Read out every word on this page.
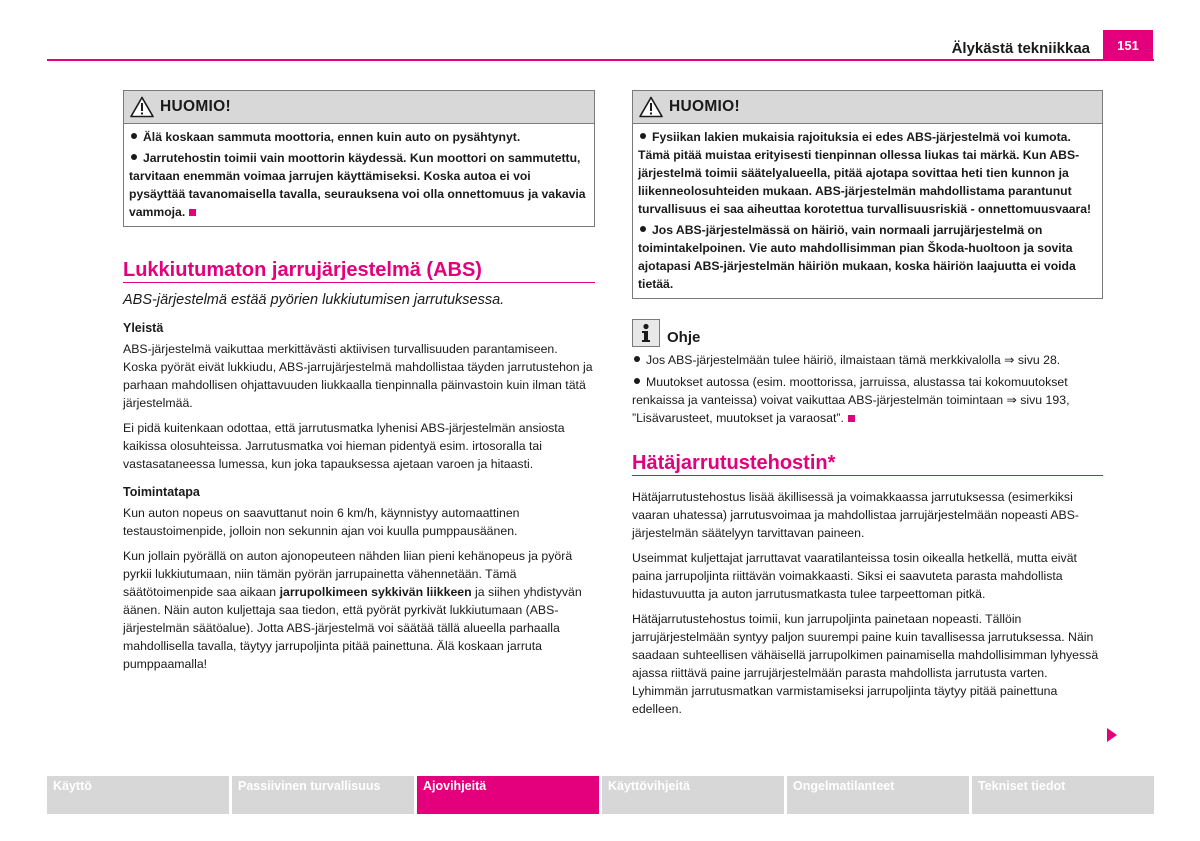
Älykästä tekniikkaa	151
HUOMIO!

Älä koskaan sammuta moottoria, ennen kuin auto on pysähtynyt.

Jarrutehostin toimii vain moottorin käydessä. Kun moottori on sammutettu, tarvitaan enemmän voimaa jarrujen käyttämiseksi. Koska autoa ei voi pysäyttää tavanomaisella tavalla, seurauksena voi olla onnettomuus ja vakavia vammoja.

Lukkiutumaton jarrujärjestelmä (ABS)
ABS-järjestelmä estää pyörien lukkiutumisen jarrutuksessa.
Yleistä

ABS-järjestelmä vaikuttaa merkittävästi aktiivisen turvallisuuden parantamiseen. Koska pyörät eivät lukkiudu, ABS-jarrujärjestelmä mahdollistaa täyden jarrutustehon ja parhaan mahdollisen ohjattavuuden liukkaalla tienpinnalla päinvastoin kuin ilman tätä järjestelmää.

Ei pidä kuitenkaan odottaa, että jarrutusmatka lyhenisi ABS-järjestelmän ansiosta kaikissa olosuhteissa. Jarrutusmatka voi hieman pidentyä esim. irtosoralla tai vastasataneessa lumessa, kun joka tapauksessa ajetaan varoen ja hitaasti.

Toimintatapa

Kun auton nopeus on saavuttanut noin 6 km/h, käynnistyy automaattinen testaustoimenpide, jolloin non sekunnin ajan voi kuulla pumppausäänen.

Kun jollain pyörällä on auton ajonopeuteen nähden liian pieni kehänopeus ja pyörä pyrkii lukkiutumaan, niin tämän pyörän jarrupainetta vähennetään. Tämä säätötoimenpide saa aikaan jarrupolkimeen sykkivän liikkeen ja siihen yhdistyvän äänen. Näin auton kuljettaja saa tiedon, että pyörät pyrkivät lukkiutumaan (ABS-järjestelmän säätöalue). Jotta ABS-järjestelmä voi säätää tällä alueella parhaalla mahdollisella tavalla, täytyy jarrupoljinta pitää painettuna. Älä koskaan jarruta pumppaamalla!

HUOMIO!

Fysiikan lakien mukaisia rajoituksia ei edes ABS-järjestelmä voi kumota. Tämä pitää muistaa erityisesti tienpinnan ollessa liukas tai märkä. Kun ABS-järjestelmä toimii säätelyalueella, pitää ajotapa sovittaa heti tien kunnon ja liikenneolosuhteiden mukaan. ABS-järjestelmän mahdollistama parantunut turvallisuus ei saa aiheuttaa korotettua turvallisuusriskiä - onnettomuusvaara!

Jos ABS-järjestelmässä on häiriö, vain normaali jarrujärjestelmä on toimintakelpoinen. Vie auto mahdollisimman pian Škoda-huoltoon ja sovita ajotapasi ABS-järjestelmän häiriön mukaan, koska häiriön laajuutta ei voida tietää.

Ohje

Jos ABS-järjestelmään tulee häiriö, ilmaistaan tämä merkkivalolla ⇒ sivu 28.

Muutokset autossa (esim. moottorissa, jarruissa, alustassa tai kokomuutokset renkaissa ja vanteissa) voivat vaikuttaa ABS-järjestelmän toimintaan ⇒ sivu 193, ”Lisävarusteet, muutokset ja varaosat”.

Hätäjarrutustehostin*

Hätäjarrutustehostus lisää äkillisessä ja voimakkaassa jarrutuksessa (esimerkiksi vaaran uhatessa) jarrutusvoimaa ja mahdollistaa jarrujärjestelmään nopeasti ABS-järjestelmän säätelyyn tarvittavan paineen.

Useimmat kuljettajat jarruttavat vaaratilanteissa tosin oikealla hetkellä, mutta eivät paina jarrupoljinta riittävän voimakkaasti. Siksi ei saavuteta parasta mahdollista hidastuvuutta ja auton jarrutusmatkasta tulee tarpeettoman pitkä.

Hätäjarrutustehostus toimii, kun jarrupoljinta painetaan nopeasti. Tällöin jarrujärjestelmään syntyy paljon suurempi paine kuin tavallisessa jarrutuksessa. Näin saadaan suhteellisen vähäisellä jarrupolkimen painamisella mahdollisimman lyhyessä ajassa riittävä paine jarrujärjestelmään parasta mahdollista jarrutusta varten. Lyhimmän jarrutusmatkan varmistamiseksi jarrupoljinta täytyy pitää painettuna edelleen.

Käyttö	Passiivinen turvallisuus	Ajovihjeitä	Käyttövihjeitä	Ongelmatilanteet	Tekniset tiedot
